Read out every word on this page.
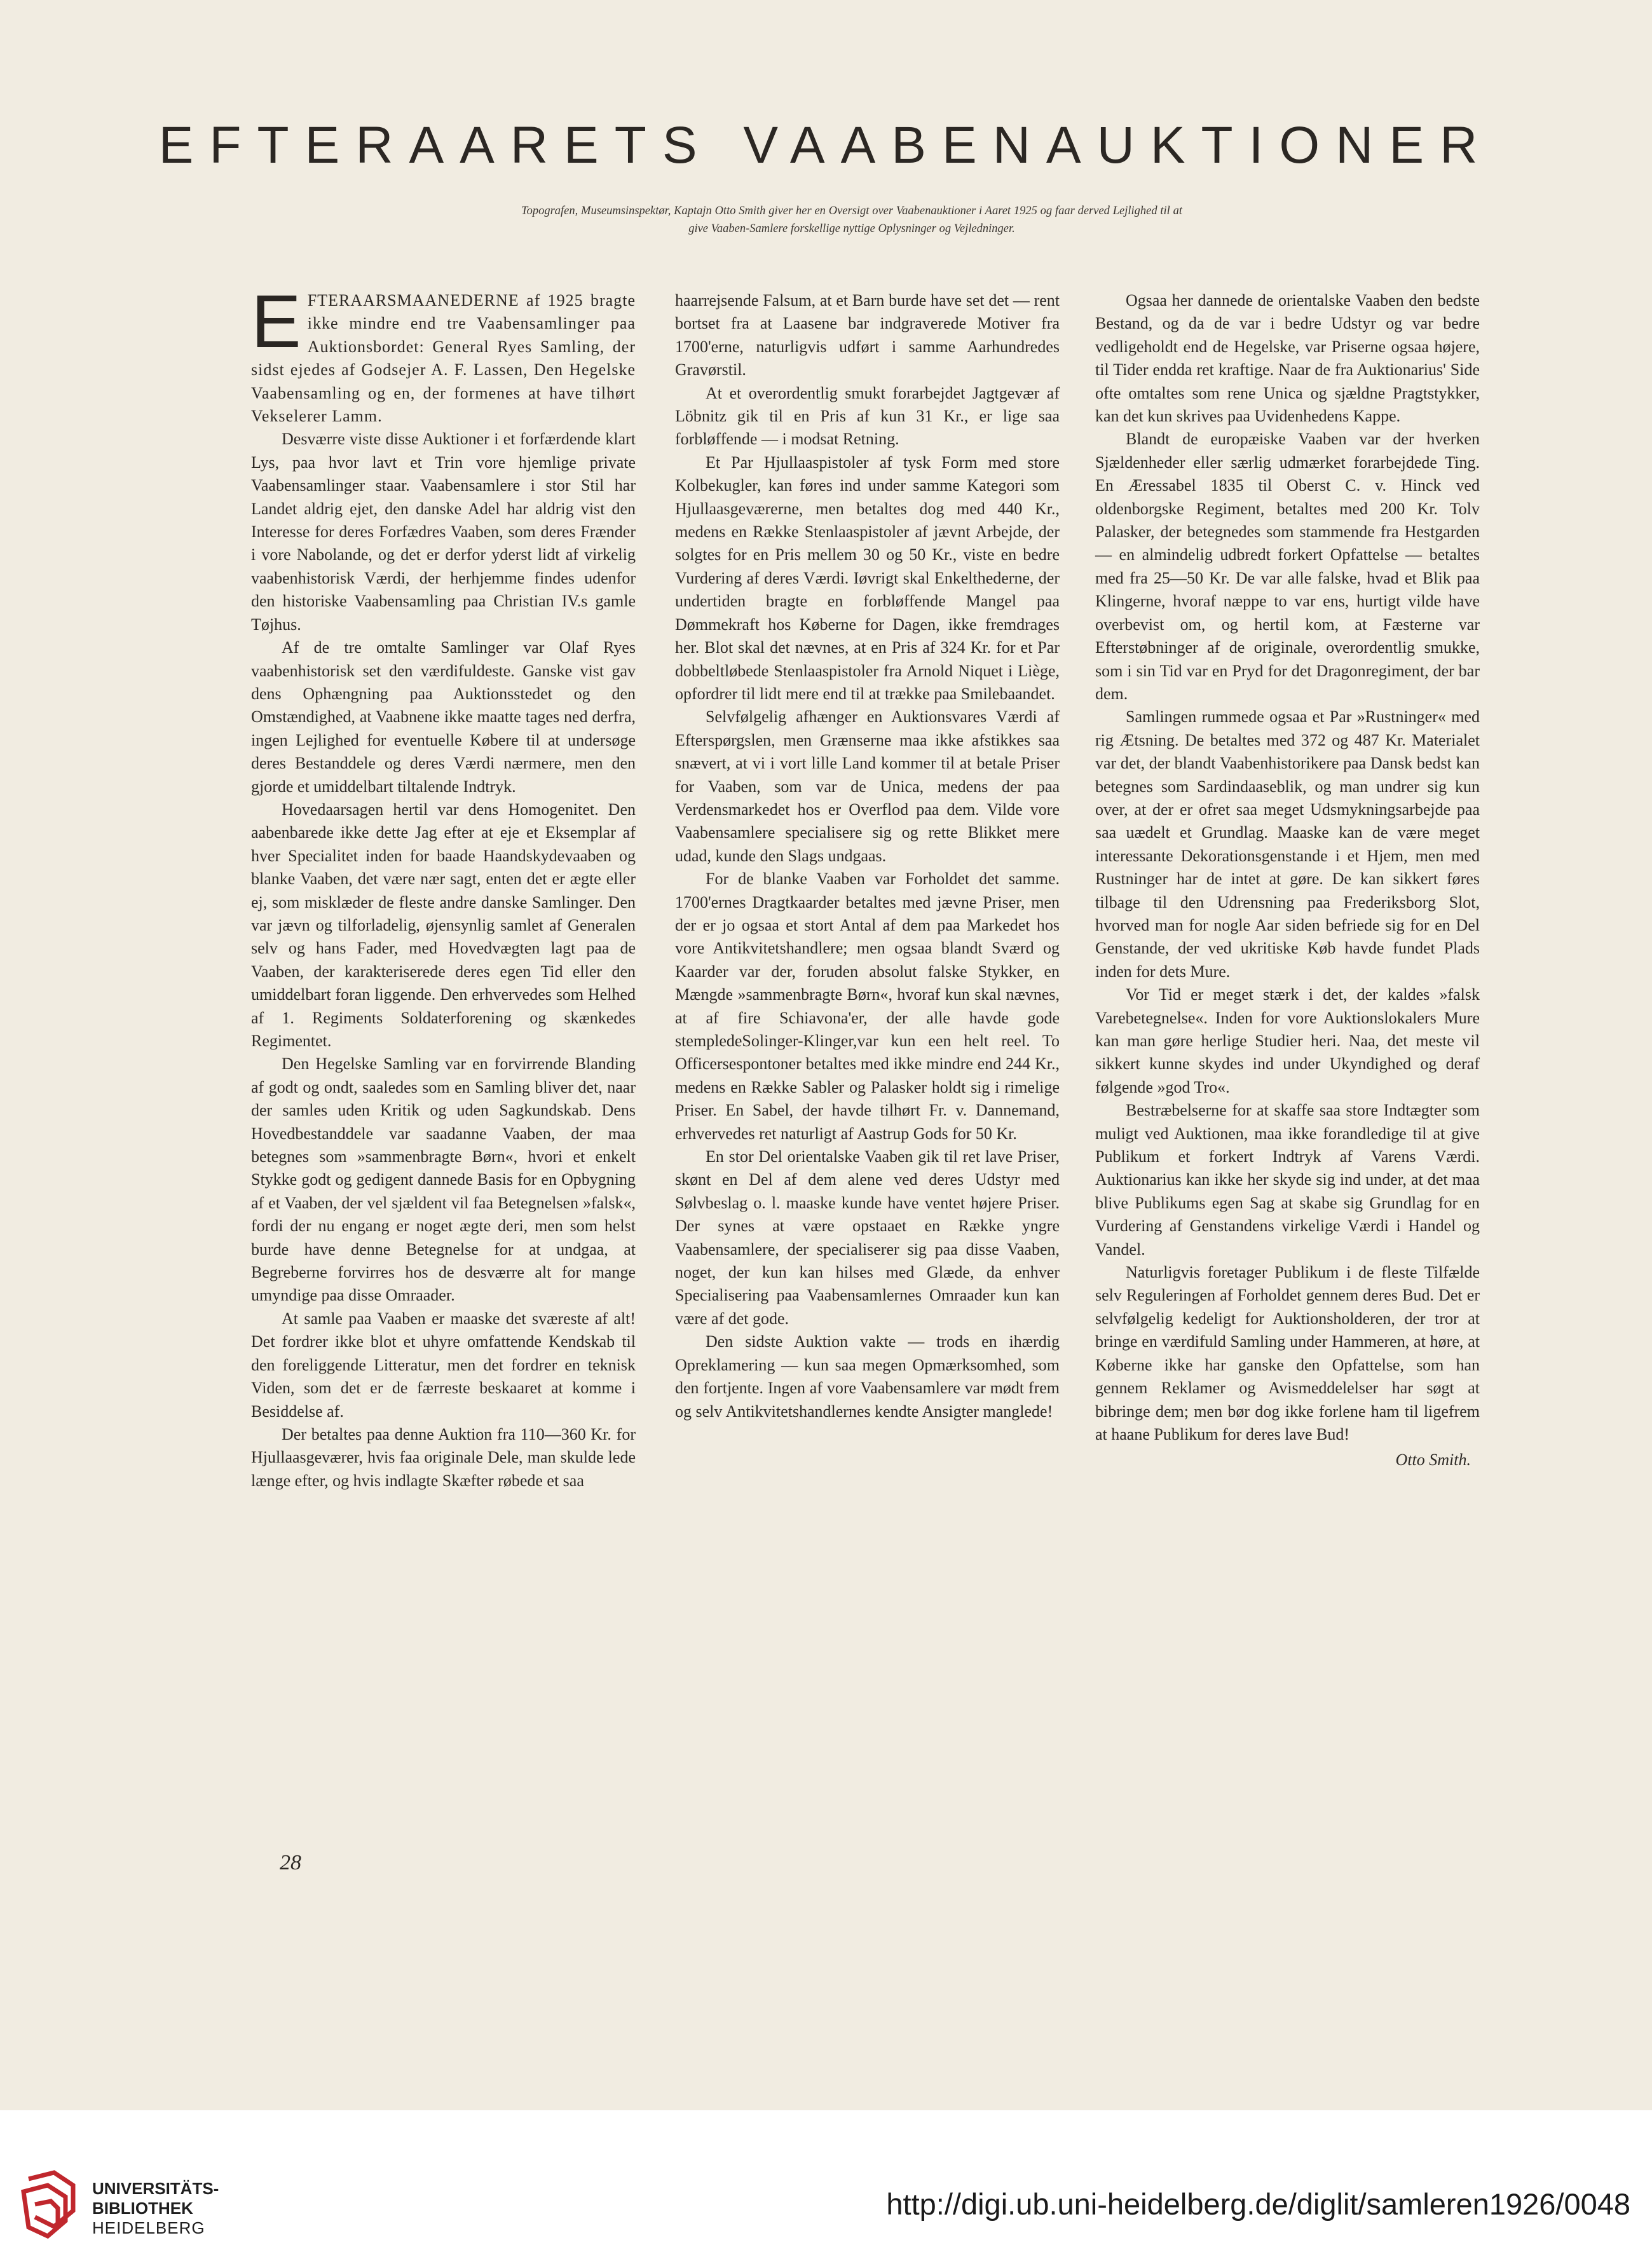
EFTERAARETS VAABENAUKTIONER
Topografen, Museumsinspektør, Kaptajn Otto Smith giver her en Oversigt over Vaabenauktioner i Aaret 1925 og faar derved Lejlighed til at give Vaaben-Samlere forskellige nyttige Oplysninger og Vejledninger.

EFTERAARSMAANEDERNE af 1925 bragte ikke mindre end tre Vaabensamlinger paa Auktionsbordet: General Ryes Samling, der sidst ejedes af Godsejer A. F. Lassen, Den Hegelske Vaabensamling og en, der formenes at have tilhørt Vekselerer Lamm.

Desværre viste disse Auktioner i et forfærdende klart Lys, paa hvor lavt et Trin vore hjemlige private Vaabensamlinger staar. Vaabensamlere i stor Stil har Landet aldrig ejet, den danske Adel har aldrig vist den Interesse for deres Forfædres Vaaben, som deres Frænder i vore Nabolande, og det er derfor yderst lidt af virkelig vaabenhistorisk Værdi, der herhjemme findes udenfor den historiske Vaabensamling paa Christian IV.s gamle Tøjhus.

Af de tre omtalte Samlinger var Olaf Ryes vaabenhistorisk set den værdifuldeste. Ganske vist gav dens Ophængning paa Auktionsstedet og den Omstændighed, at Vaabnene ikke maatte tages ned derfra, ingen Lejlighed for eventuelle Købere til at undersøge deres Bestanddele og deres Værdi nærmere, men den gjorde et umiddelbart tiltalende Indtryk.

Hovedaarsagen hertil var dens Homogenitet. Den aabenbarede ikke dette Jag efter at eje et Eksemplar af hver Specialitet inden for baade Haandskydevaaben og blanke Vaaben, det være nær sagt, enten det er ægte eller ej, som misklæder de fleste andre danske Samlinger. Den var jævn og tilforladelig, øjensynlig samlet af Generalen selv og hans Fader, med Hovedvægten lagt paa de Vaaben, der karakteriserede deres egen Tid eller den umiddelbart foran liggende. Den erhvervedes som Helhed af 1. Regiments Soldaterforening og skænkedes Regimentet.

Den Hegelske Samling var en forvirrende Blanding af godt og ondt, saaledes som en Samling bliver det, naar der samles uden Kritik og uden Sagkundskab. Dens Hovedbestanddele var saadanne Vaaben, der maa betegnes som »sammenbragte Børn«, hvori et enkelt Stykke godt og gedigent dannede Basis for en Opbygning af et Vaaben, der vel sjældent vil faa Betegnelsen »falsk«, fordi der nu engang er noget ægte deri, men som helst burde have denne Betegnelse for at undgaa, at Begreberne forvirres hos de desværre alt for mange umyndige paa disse Omraader.

At samle paa Vaaben er maaske det sværeste af alt! Det fordrer ikke blot et uhyre omfattende Kendskab til den foreliggende Litteratur, men det fordrer en teknisk Viden, som det er de færreste beskaaret at komme i Besiddelse af.

Der betaltes paa denne Auktion fra 110—360 Kr. for Hjullaasgeværer, hvis faa originale Dele, man skulde lede længe efter, og hvis indlagte Skæfter røbede et saa

haarrejsende Falsum, at et Barn burde have set det — rent bortset fra at Laasene bar indgraverede Motiver fra 1700'erne, naturligvis udført i samme Aarhundredes Gravørstil.

At et overordentlig smukt forarbejdet Jagtgevær af Löbnitz gik til en Pris af kun 31 Kr., er lige saa forbløffende — i modsat Retning.

Et Par Hjullaaspistoler af tysk Form med store Kolbekugler, kan føres ind under samme Kategori som Hjullaasgeværerne, men betaltes dog med 440 Kr., medens en Række Stenlaaspistoler af jævnt Arbejde, der solgtes for en Pris mellem 30 og 50 Kr., viste en bedre Vurdering af deres Værdi. Iøvrigt skal Enkelthederne, der undertiden bragte en forbløffende Mangel paa Dømmekraft hos Køberne for Dagen, ikke fremdrages her. Blot skal det nævnes, at en Pris af 324 Kr. for et Par dobbeltløbede Stenlaaspistoler fra Arnold Niquet i Liège, opfordrer til lidt mere end til at trække paa Smilebaandet.

Selvfølgelig afhænger en Auktionsvares Værdi af Efterspørgslen, men Grænserne maa ikke afstikkes saa snævert, at vi i vort lille Land kommer til at betale Priser for Vaaben, som var de Unica, medens der paa Verdensmarkedet hos er Overflod paa dem. Vilde vore Vaabensamlere specialisere sig og rette Blikket mere udad, kunde den Slags undgaas.

For de blanke Vaaben var Forholdet det samme. 1700'ernes Dragtkaarder betaltes med jævne Priser, men der er jo ogsaa et stort Antal af dem paa Markedet hos vore Antikvitetshandlere; men ogsaa blandt Sværd og Kaarder var der, foruden absolut falske Stykker, en Mængde »sammenbragte Børn«, hvoraf kun skal nævnes, at af fire Schiavona'er, der alle havde gode stempledeSolinger-Klinger,var kun een helt reel. To Officersespontoner betaltes med ikke mindre end 244 Kr., medens en Række Sabler og Palasker holdt sig i rimelige Priser. En Sabel, der havde tilhørt Fr. v. Dannemand, erhvervedes ret naturligt af Aastrup Gods for 50 Kr.

En stor Del orientalske Vaaben gik til ret lave Priser, skønt en Del af dem alene ved deres Udstyr med Sølvbeslag o. l. maaske kunde have ventet højere Priser. Der synes at være opstaaet en Række yngre Vaabensamlere, der specialiserer sig paa disse Vaaben, noget, der kun kan hilses med Glæde, da enhver Specialisering paa Vaabensamlernes Omraader kun kan være af det gode.

Den sidste Auktion vakte — trods en ihærdig Opreklamering — kun saa megen Opmærksomhed, som den fortjente. Ingen af vore Vaabensamlere var mødt frem og selv Antikvitetshandlernes kendte Ansigter manglede!

Ogsaa her dannede de orientalske Vaaben den bedste Bestand, og da de var i bedre Udstyr og var bedre vedligeholdt end de Hegelske, var Priserne ogsaa højere, til Tider endda ret kraftige. Naar de fra Auktionarius' Side ofte omtaltes som rene Unica og sjældne Pragtstykker, kan det kun skrives paa Uvidenhedens Kappe.

Blandt de europæiske Vaaben var der hverken Sjældenheder eller særlig udmærket forarbejdede Ting. En Æressabel 1835 til Oberst C. v. Hinck ved oldenborgske Regiment, betaltes med 200 Kr. Tolv Palasker, der betegnedes som stammende fra Hestgarden — en almindelig udbredt forkert Opfattelse — betaltes med fra 25—50 Kr. De var alle falske, hvad et Blik paa Klingerne, hvoraf næppe to var ens, hurtigt vilde have overbevist om, og hertil kom, at Fæsterne var Efterstøbninger af de originale, overordentlig smukke, som i sin Tid var en Pryd for det Dragonregiment, der bar dem.

Samlingen rummede ogsaa et Par »Rustninger« med rig Ætsning. De betaltes med 372 og 487 Kr. Materialet var det, der blandt Vaabenhistorikere paa Dansk bedst kan betegnes som Sardindaaseblik, og man undrer sig kun over, at der er ofret saa meget Udsmykningsarbejde paa saa uædelt et Grundlag. Maaske kan de være meget interessante Dekorationsgenstande i et Hjem, men med Rustninger har de intet at gøre. De kan sikkert føres tilbage til den Udrensning paa Frederiksborg Slot, hvorved man for nogle Aar siden befriede sig for en Del Genstande, der ved ukritiske Køb havde fundet Plads inden for dets Mure.

Vor Tid er meget stærk i det, der kaldes »falsk Varebetegnelse«. Inden for vore Auktionslokalers Mure kan man gøre herlige Studier heri. Naa, det meste vil sikkert kunne skydes ind under Ukyndighed og deraf følgende »god Tro«.

Bestræbelserne for at skaffe saa store Indtægter som muligt ved Auktionen, maa ikke forandledige til at give Publikum et forkert Indtryk af Varens Værdi. Auktionarius kan ikke her skyde sig ind under, at det maa blive Publikums egen Sag at skabe sig Grundlag for en Vurdering af Genstandens virkelige Værdi i Handel og Vandel.

Naturligvis foretager Publikum i de fleste Tilfælde selv Reguleringen af Forholdet gennem deres Bud. Det er selvfølgelig kedeligt for Auktionsholderen, der tror at bringe en værdifuld Samling under Hammeren, at høre, at Køberne ikke har ganske den Opfattelse, som han gennem Reklamer og Avismeddelelser har søgt at bibringe dem; men bør dog ikke forlene ham til ligefrem at haane Publikum for deres lave Bud!

Otto Smith.
28
UNIVERSITÄTS-
BIBLIOTHEK
HEIDELBERG
http://digi.ub.uni-heidelberg.de/diglit/samleren1926/0048
